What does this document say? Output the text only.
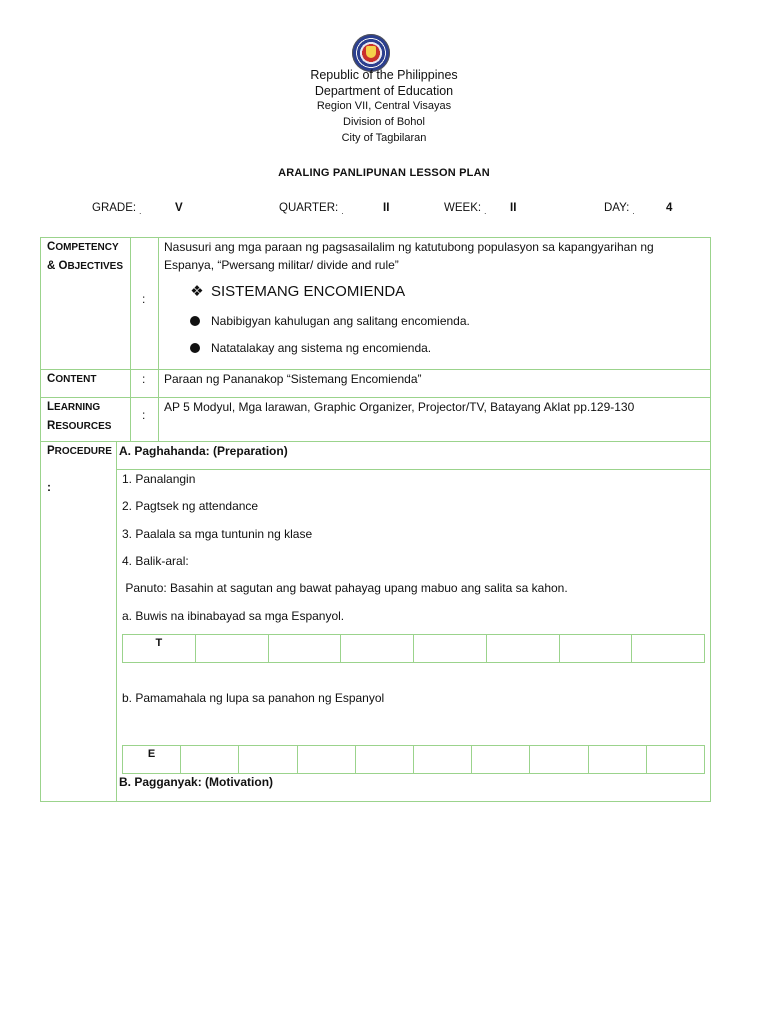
Republic of the Philippines
Department of Education
Region VII, Central Visayas
Division of Bohol
City of Tagbilaran
ARALING PANLIPUNAN LESSON PLAN
GRADE: $_.$	V	QUARTER: $_.$	II	WEEK: $_.$ II	DAY: $_.$	4
COMPETENCY
& OBJECTIVES
:
Nasusuri ang mga paraan ng pagsasailalim ng katutubong populasyon sa kapangyarihan ng Espanya, “Pwersang militar/ divide and rule”
❖ SISTEMANG ENCOMIENDA
Nabibigyan kahulugan ang salitang encomienda.
Natatalakay ang sistema ng encomienda.
CONTENT	: Paraan ng Pananakop “Sistemang Encomienda”
LEARNING
RESOURCES
:
AP 5 Modyul, Mga larawan, Graphic Organizer, Projector/TV, Batayang Aklat pp.129-130
PROCEDURE
:
A. Paghahanda: (Preparation)
1. Panalangin
2. Pagtsek ng attendance
3. Paalala sa mga tuntunin ng klase
4. Balik-aral:
Panuto: Basahin at sagutan ang bawat pahayag upang mabuo ang salita sa kahon.
a. Buwis na ibinabayad sa mga Espanyol.
T
b. Pamamahala ng lupa sa panahon ng Espanyol
E
B. Pagganyak: (Motivation)
